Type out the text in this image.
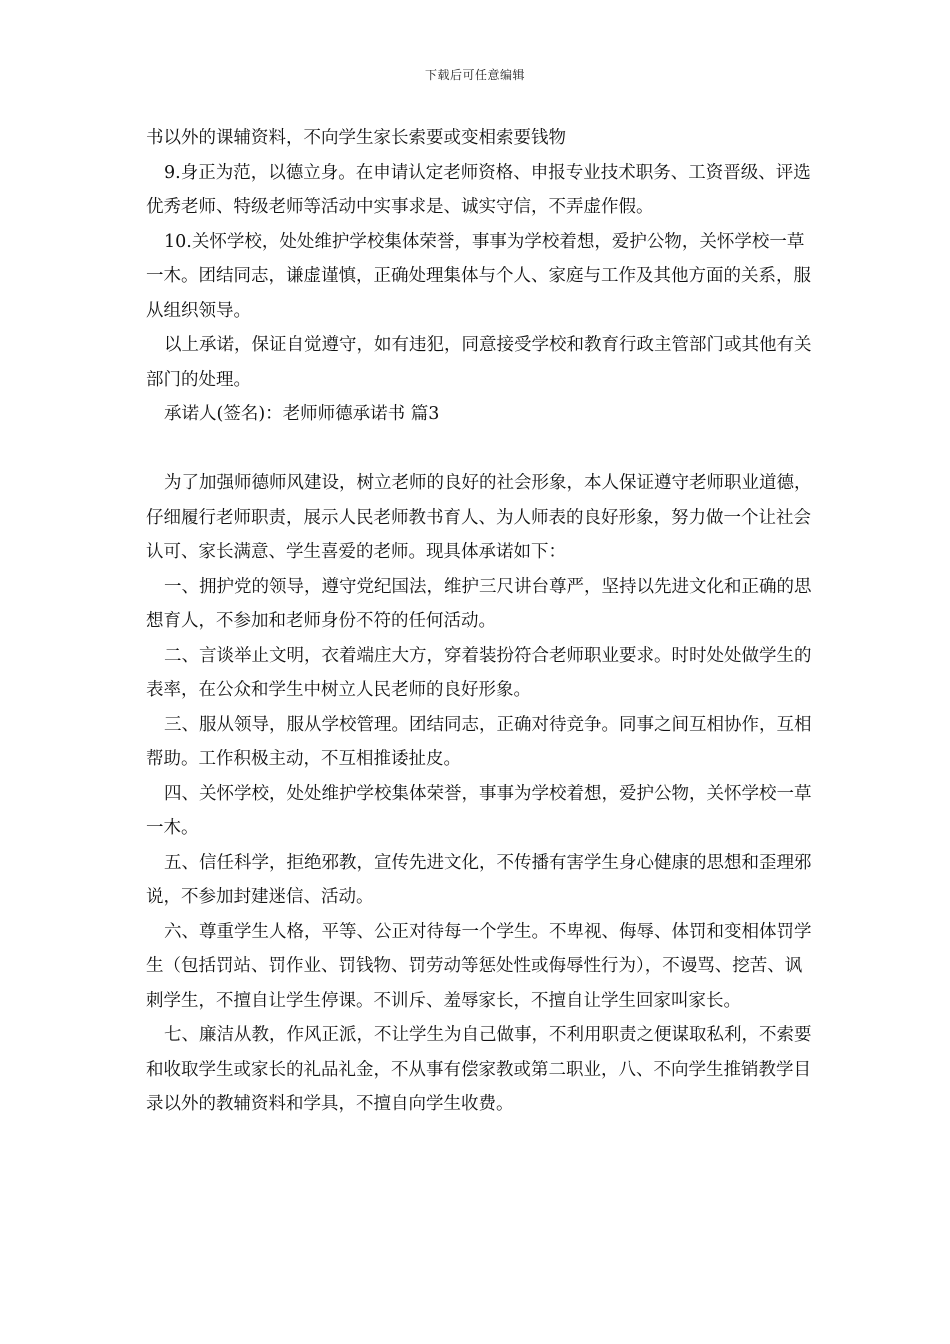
下载后可任意编辑

书以外的课辅资料，不向学生家长索要或变相索要钱物

9.身正为范，以德立身。在申请认定老师资格、申报专业技术职务、工资晋级、评选优秀老师、特级老师等活动中实事求是、诚实守信，不弄虚作假。

10.关怀学校，处处维护学校集体荣誉，事事为学校着想，爱护公物，关怀学校一草一木。团结同志，谦虚谨慎，正确处理集体与个人、家庭与工作及其他方面的关系，服从组织领导。

以上承诺，保证自觉遵守，如有违犯，同意接受学校和教育行政主管部门或其他有关部门的处理。

承诺人(签名)：老师师德承诺书 篇3

为了加强师德师风建设，树立老师的良好的社会形象，本人保证遵守老师职业道德，仔细履行老师职责，展示人民老师教书育人、为人师表的良好形象，努力做一个让社会认可、家长满意、学生喜爱的老师。现具体承诺如下：

一、拥护党的领导，遵守党纪国法，维护三尺讲台尊严，坚持以先进文化和正确的思想育人，不参加和老师身份不符的任何活动。

二、言谈举止文明，衣着端庄大方，穿着装扮符合老师职业要求。时时处处做学生的表率，在公众和学生中树立人民老师的良好形象。

三、服从领导，服从学校管理。团结同志，正确对待竞争。同事之间互相协作，互相帮助。工作积极主动，不互相推诿扯皮。

四、关怀学校，处处维护学校集体荣誉，事事为学校着想，爱护公物，关怀学校一草一木。

五、信任科学，拒绝邪教，宣传先进文化，不传播有害学生身心健康的思想和歪理邪说，不参加封建迷信、活动。

六、尊重学生人格，平等、公正对待每一个学生。不卑视、侮辱、体罚和变相体罚学生（包括罚站、罚作业、罚钱物、罚劳动等惩处性或侮辱性行为），不谩骂、挖苦、讽刺学生，不擅自让学生停课。不训斥、羞辱家长，不擅自让学生回家叫家长。

七、廉洁从教，作风正派，不让学生为自己做事，不利用职责之便谋取私利，不索要和收取学生或家长的礼品礼金，不从事有偿家教或第二职业，八、不向学生推销教学目录以外的教辅资料和学具，不擅自向学生收费。
